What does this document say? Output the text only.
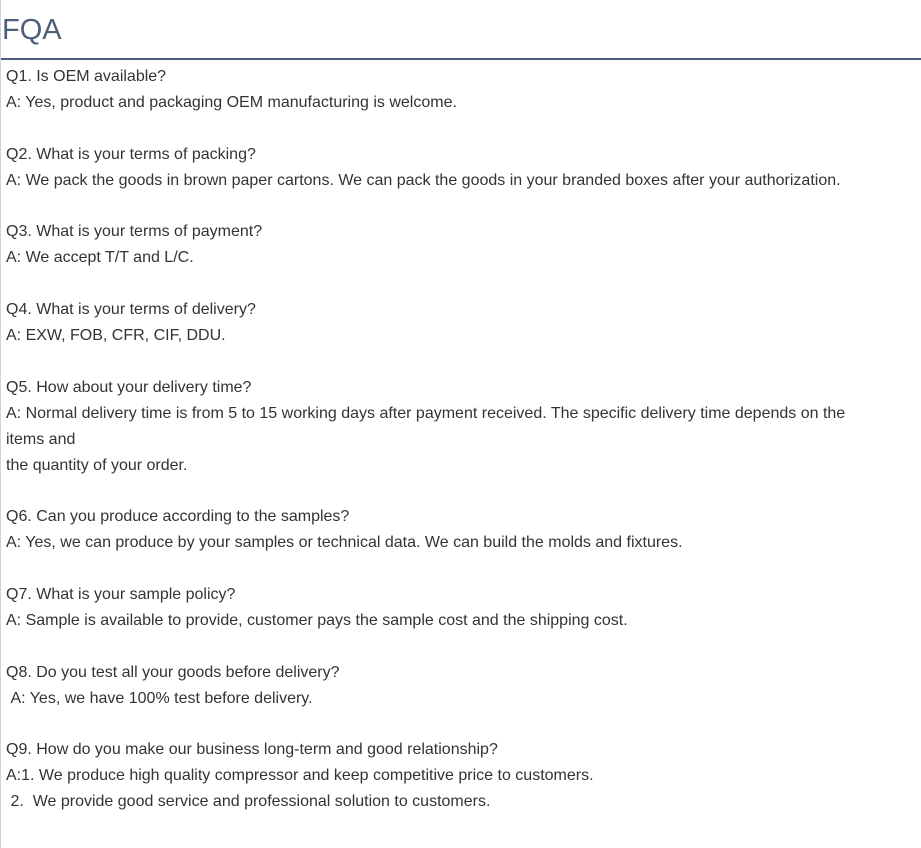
FQA
Q1. Is OEM available?
A: Yes, product and packaging OEM manufacturing is welcome.
Q2. What is your terms of packing?
A: We pack the goods in brown paper cartons. We can pack the goods in your branded boxes after your authorization.
Q3. What is your terms of payment?
A: We accept T/T and L/C.
Q4. What is your terms of delivery?
A: EXW, FOB, CFR, CIF, DDU.
Q5. How about your delivery time?
A: Normal delivery time is from 5 to 15 working days after payment received. The specific delivery time depends on the
items and
the quantity of your order.
Q6. Can you produce according to the samples?
A: Yes, we can produce by your samples or technical data. We can build the molds and fixtures.
Q7. What is your sample policy?
A: Sample is available to provide, customer pays the sample cost and the shipping cost.
Q8. Do you test all your goods before delivery?
A: Yes, we have 100% test before delivery.
Q9. How do you make our business long-term and good relationship?
A:1. We produce high quality compressor and keep competitive price to customers.
2.  We provide good service and professional solution to customers.
